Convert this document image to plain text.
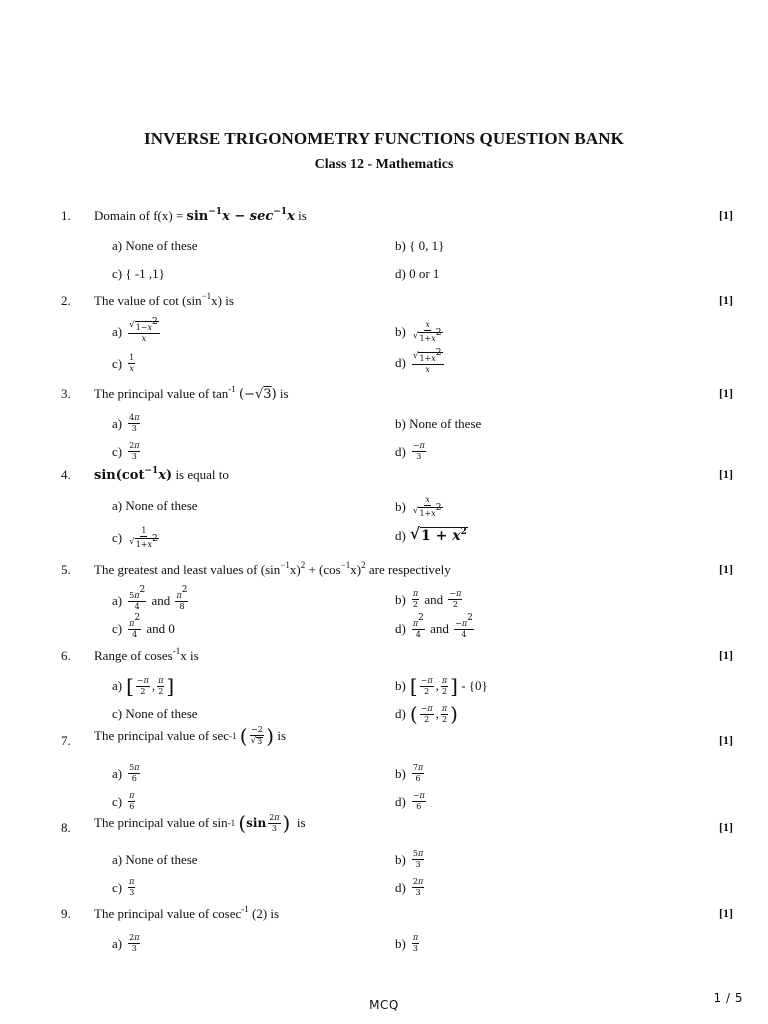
INVERSE TRIGONOMETRY FUNCTIONS QUESTION BANK
Class 12 - Mathematics
1. Domain of $f(x) = \sin^{-1}x - \sec^{-1}x$ is	[1]
a) None of these	b) { 0, 1}
c) { -1 ,1}	d) 0 or 1
2. The value of $\cot (\sin^{-1}x)$ is	[1]
$a) \frac{√ 1-x^2}{x}$	$b) \frac{x}{√ 1+x^2}$
$c) \frac{1}{x}$	$d) \frac{√ 1+x^2}{x}$
3. The principal value of $\tan^{-1} (-√3)$ is	[1]
$a) \frac{4\pi}{3}$	b) None of these
$c) \frac{2\pi}{3}$	$d) \frac{-\pi}{3}$
4. $\sin(\cot^{-1}x)$ is equal to	[1]
a) None of these	$b) \frac{x}{√ 1+x^2}$
$c) \frac{1}{√ 1+x^2}$	d) √ $1 + x^2$
5. The greatest and least values of $(\sin^{-1}x)^2 + (\cos^{-1}x)^2$ are respectively	[1]
$a) \frac{5\pi^2}{4}$ and $\frac{\pi^2}{8}$	$b) \frac{\pi}{2}$ and $\frac{-\pi}{2}$
$c) \frac{\pi^2}{4}$ and 0	$d) \frac{\pi^2}{4}$ and $\frac{-\pi^2}{4}$
6. Range of coses$^{-1}$x is	[1]
a) [ $\frac{-\pi}{2}$ , $\frac{\pi}{2}$ ]	b) [ $\frac{-\pi}{2}$ , $\frac{\pi}{2}$ ] - {0}
c) None of these	d) ( $\frac{-\pi}{2}$ , $\frac{\pi}{2}$ )
7. The principal value of sec -1
( $\frac{-2}{√ 3}$ ) is	[1]
$a) \frac{5\pi}{6}$	$b) \frac{7\pi}{6}$
$c) \frac{\pi}{6}$	$d) \frac{-\pi}{6}$
8. The principal value of sin -1
( $\sin \frac{2\pi}{3}$ ) is	[1]
a) None of these	$b) \frac{5\pi}{3}$
$c) \frac{\pi}{3}$	$d) \frac{2\pi}{3}$
9. The principal value of cosec$^{-1}$ (2) is	[1]
$a) \frac{2\pi}{3}$	$b) \frac{\pi}{3}$
MCQ	1 / 5
